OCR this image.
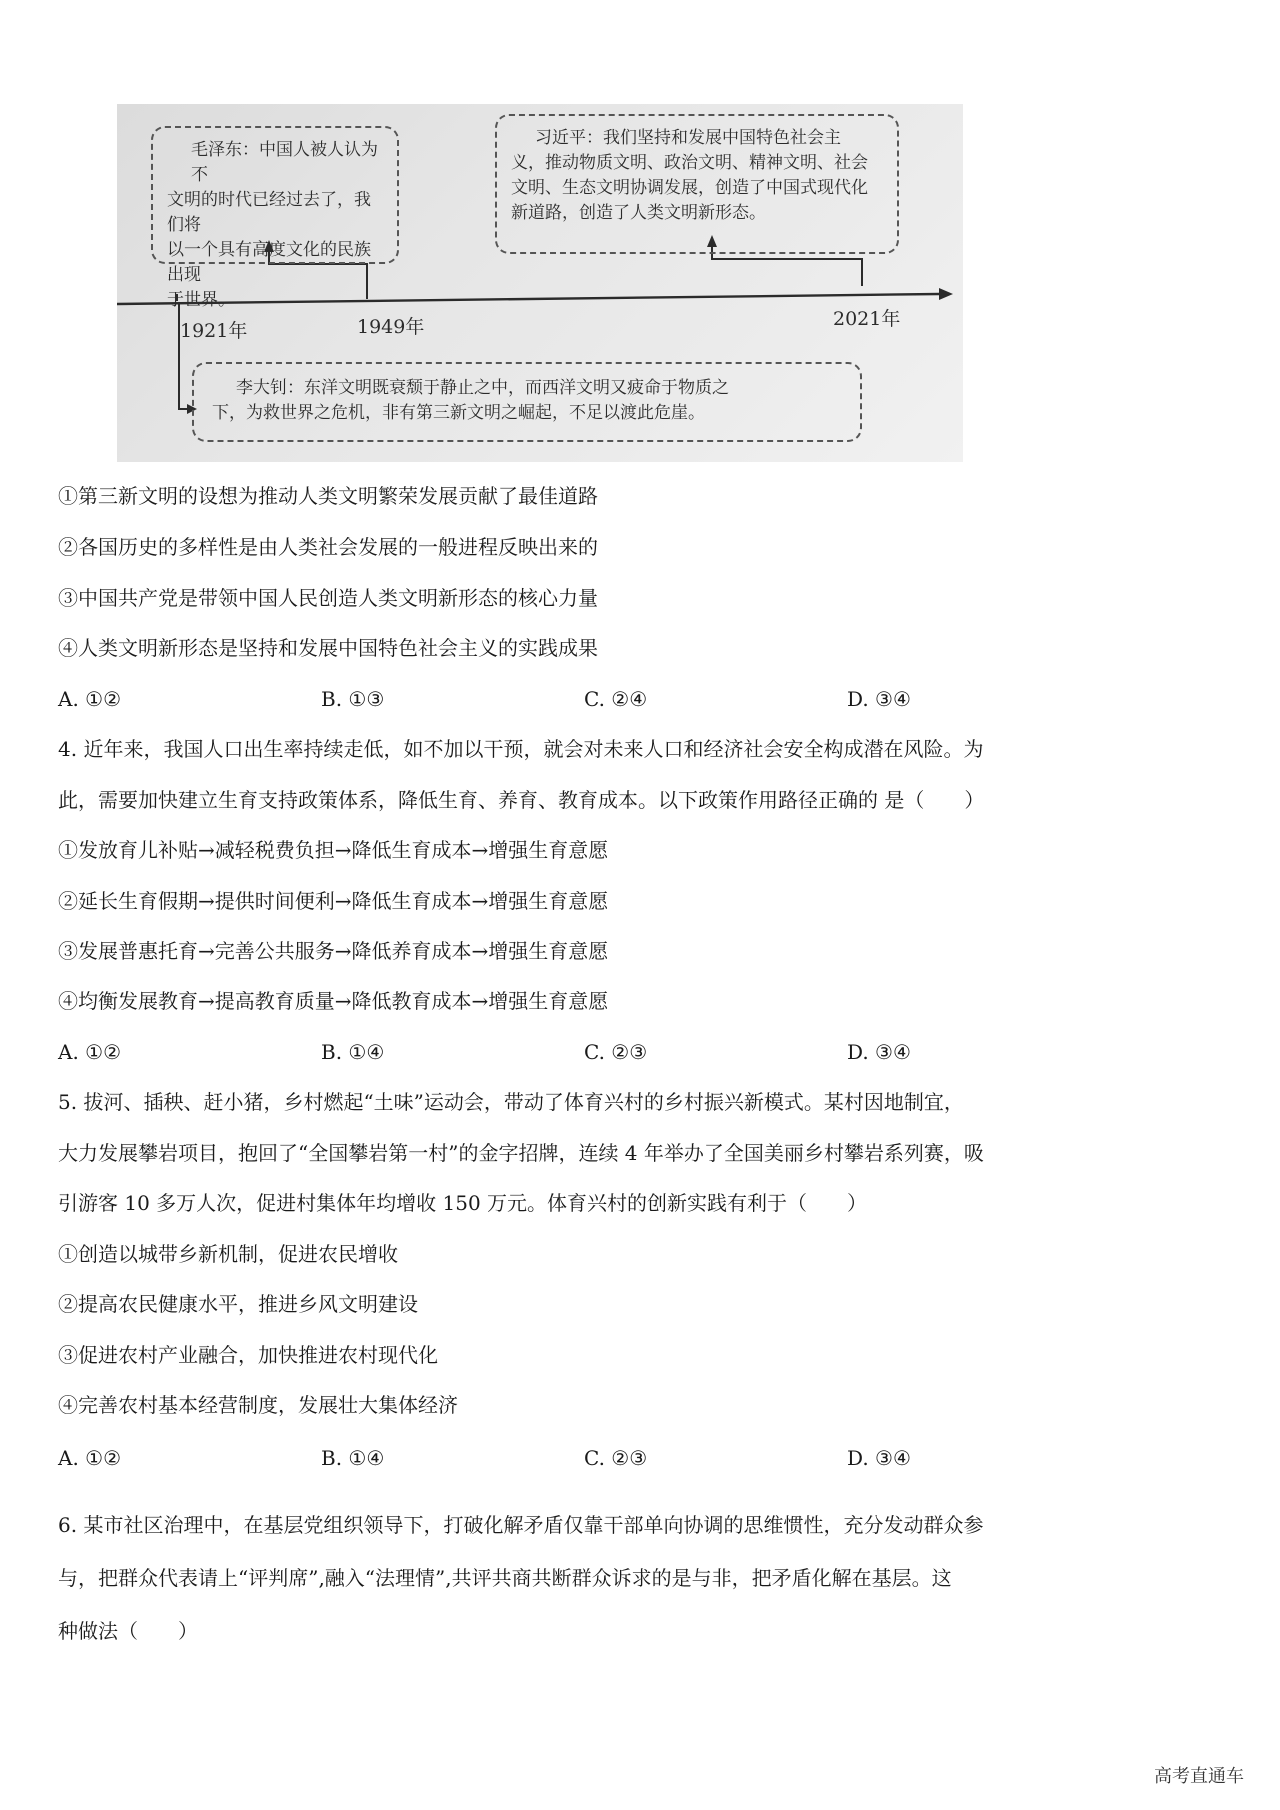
毛泽东：中国人被人认为不
文明的时代已经过去了，我们将
以一个具有高度文化的民族出现
于世界。
习近平：我们坚持和发展中国特色社会主
义，推动物质文明、政治文明、精神文明、社会
文明、生态文明协调发展，创造了中国式现代化
新道路，创造了人类文明新形态。
1921年	1949年	2021年
李大钊：东洋文明既衰颓于静止之中，而西洋文明又疲命于物质之
下，为救世界之危机，非有第三新文明之崛起，不足以渡此危崖。
①第三新文明的设想为推动人类文明繁荣发展贡献了最佳道路
②各国历史的多样性是由人类社会发展的一般进程反映出来的
③中国共产党是带领中国人民创造人类文明新形态的核心力量
④人类文明新形态是坚持和发展中国特色社会主义的实践成果
A. ①②	B. ①③	C. ②④	D. ③④
4. 近年来，我国人口出生率持续走低，如不加以干预，就会对未来人口和经济社会安全构成潜在风险。为
此，需要加快建立生育支持政策体系，降低生育、养育、教育成本。以下政策作用路径正确的 是（　　）
①发放育儿补贴→减轻税费负担→降低生育成本→增强生育意愿
②延长生育假期→提供时间便利→降低生育成本→增强生育意愿
③发展普惠托育→完善公共服务→降低养育成本→增强生育意愿
④均衡发展教育→提高教育质量→降低教育成本→增强生育意愿
A. ①②	B. ①④	C. ②③	D. ③④
5. 拔河、插秧、赶小猪，乡村燃起“土味”运动会，带动了体育兴村的乡村振兴新模式。某村因地制宜，
大力发展攀岩项目，抱回了“全国攀岩第一村”的金字招牌，连续 4 年举办了全国美丽乡村攀岩系列赛，吸
引游客 10 多万人次，促进村集体年均增收 150 万元。体育兴村的创新实践有利于（　　）
①创造以城带乡新机制，促进农民增收
②提高农民健康水平，推进乡风文明建设
③促进农村产业融合，加快推进农村现代化
④完善农村基本经营制度，发展壮大集体经济
A. ①②	B. ①④	C. ②③	D. ③④
6. 某市社区治理中，在基层党组织领导下，打破化解矛盾仅靠干部单向协调的思维惯性，充分发动群众参
与，把群众代表请上“评判席”,融入“法理情”,共评共商共断群众诉求的是与非，把矛盾化解在基层。这
种做法（　　）
高考直通车
